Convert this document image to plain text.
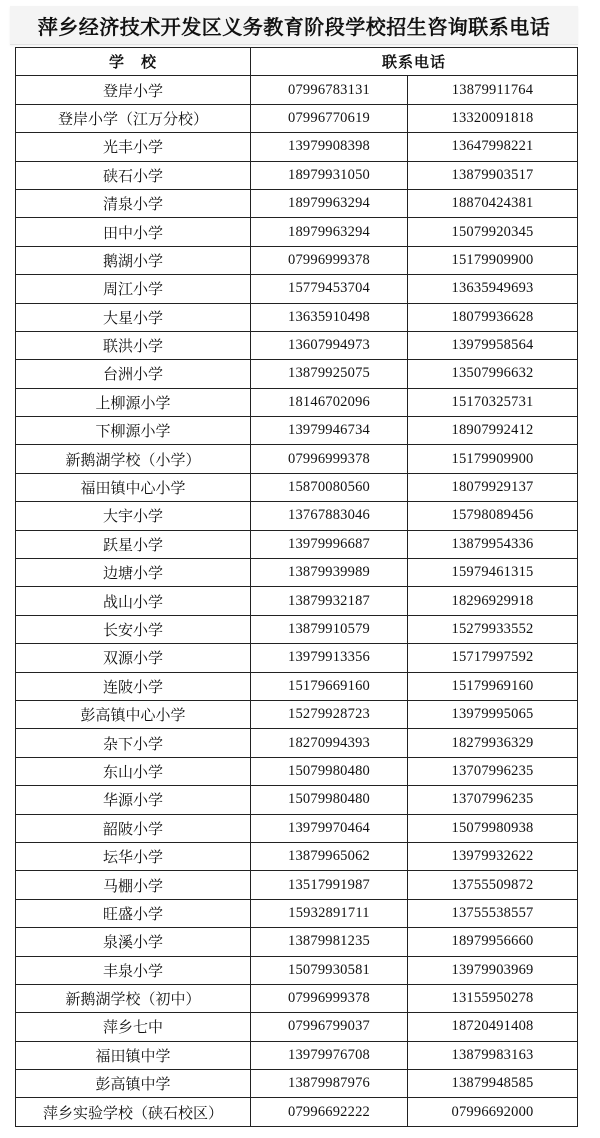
萍乡经济技术开发区义务教育阶段学校招生咨询联系电话
学　校	联系电话	
登岸小学	07996783131	13879911764
登岸小学（江万分校）	07996770619	13320091818
光丰小学	13979908398	13647998221
硖石小学	18979931050	13879903517
清泉小学	18979963294	18870424381
田中小学	18979963294	15079920345
鹅湖小学	07996999378	15179909900
周江小学	15779453704	13635949693
大星小学	13635910498	18079936628
联洪小学	13607994973	13979958564
台洲小学	13879925075	13507996632
上柳源小学	18146702096	15170325731
下柳源小学	13979946734	18907992412
新鹅湖学校（小学）	07996999378	15179909900
福田镇中心小学	15870080560	18079929137
大宇小学	13767883046	15798089456
跃星小学	13979996687	13879954336
边塘小学	13879939989	15979461315
战山小学	13879932187	18296929918
长安小学	13879910579	15279933552
双源小学	13979913356	15717997592
连陂小学	15179669160	15179969160
彭高镇中心小学	15279928723	13979995065
杂下小学	18270994393	18279936329
东山小学	15079980480	13707996235
华源小学	15079980480	13707996235
韶陂小学	13979970464	15079980938
坛华小学	13879965062	13979932622
马棚小学	13517991987	13755509872
旺盛小学	15932891711	13755538557
泉溪小学	13879981235	18979956660
丰泉小学	15079930581	13979903969
新鹅湖学校（初中）	07996999378	13155950278
萍乡七中	07996799037	18720491408
福田镇中学	13979976708	13879983163
彭高镇中学	13879987976	13879948585
萍乡实验学校（硖石校区）	07996692222	07996692000
